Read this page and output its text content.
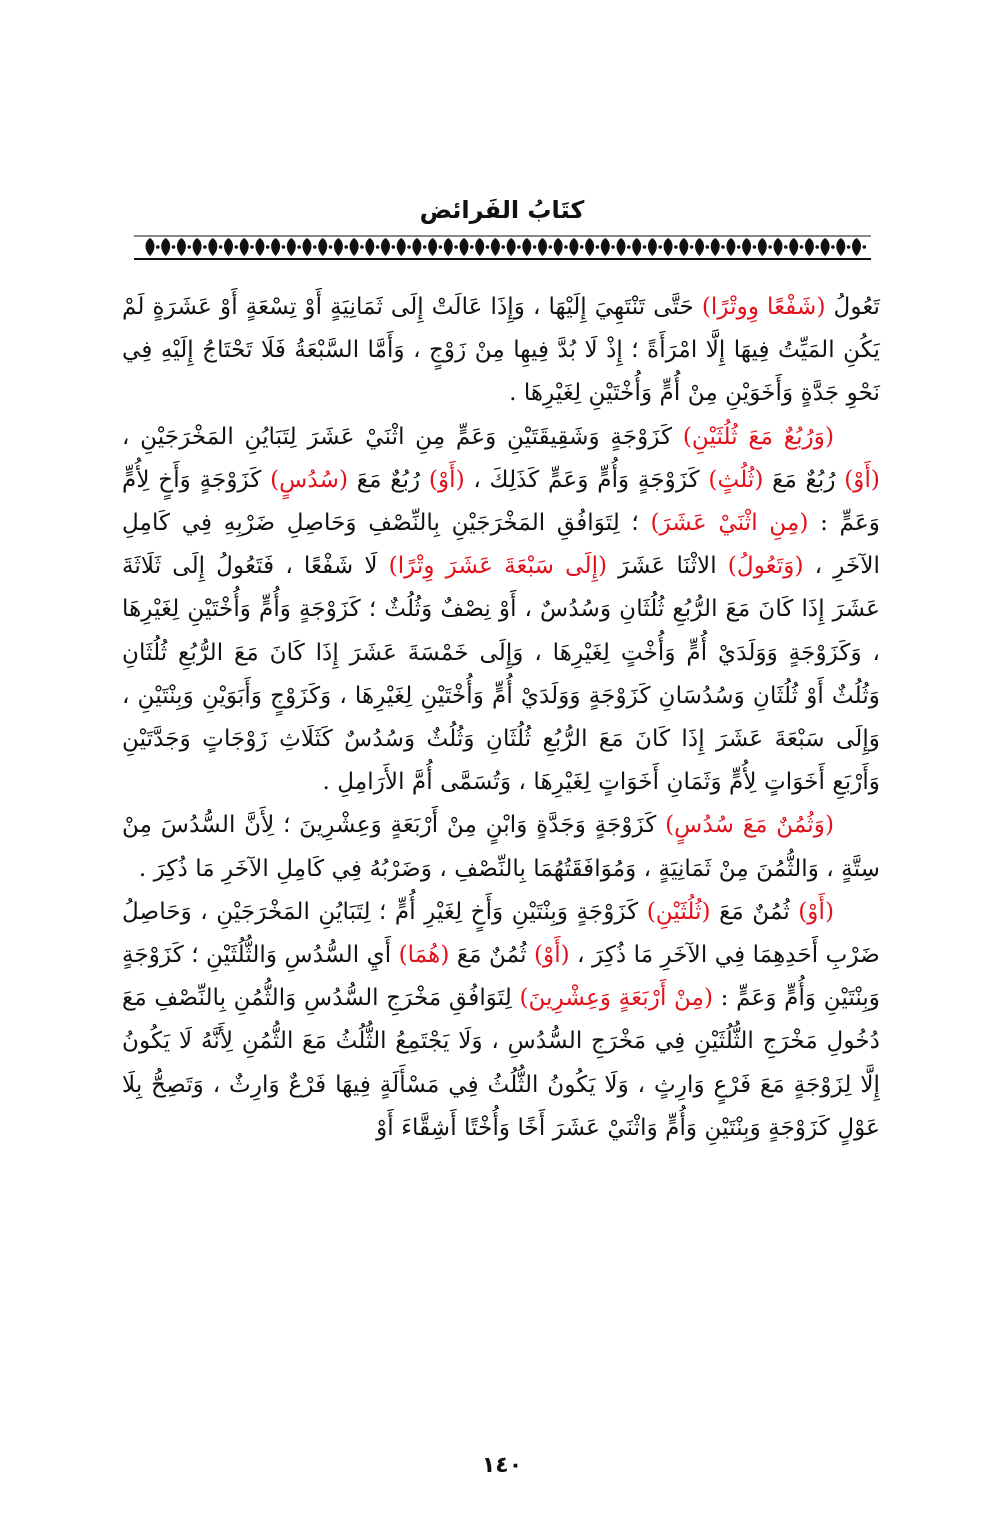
كتَابُ الفَرائض

تَعُولُ (شَفْعًا وِوتْرًا) حَتَّى تَنْتَهِيَ إِلَيْهَا ، وَإِذَا عَالَتْ إِلَى ثَمَانِيَةٍ أَوْ تِسْعَةٍ أَوْ عَشَرَةٍ لَمْ يَكُنِ المَيِّتُ فِيهَا إِلَّا امْرَأَةً ؛ إِذْ لَا بُدَّ فِيهِا مِنْ زَوْجٍ ، وَأَمَّا السَّبْعَةُ فَلَا تَحْتَاجُ إِلَيْهِ فِي نَحْوِ جَدَّةٍ وَأَخَوَيْنِ مِنْ أُمٍّ وَأُخْتَيْنِ لِغَيْرِهَا .

(وَرُبُعٌ مَعَ ثُلُثَيْنِ) كَزَوْجَةٍ وَشَقِيقَتَيْنِ وَعَمٍّ مِنِ اثْنَيْ عَشَرَ لِتَبَايُنِ المَخْرَجَيْنِ ، (أَوْ) رُبُعٌ مَعَ (ثُلُثٍ) كَزَوْجَةٍ وَأُمٍّ وَعَمٍّ كَذَلِكَ ، (أَوْ) رُبُعٌ مَعَ (سُدُسٍ) كَزَوْجَةٍ وَأَخٍ لِأُمٍّ وَعَمٍّ : (مِنِ اثْنَيْ عَشَرَ) ؛ لِتَوَافُقِ المَخْرَجَيْنِ بِالنِّصْفِ وَحَاصِلِ ضَرْبِهِ فِي كَامِلِ الآخَرِ ، (وَتَعُولُ) الاثْنَا عَشَرَ (إِلَى سَبْعَةَ عَشَرَ وِتْرًا) لَا شَفْعًا ، فَتَعُولُ إِلَى ثَلَاثَةَ عَشَرَ إِذَا كَانَ مَعَ الرُّبُعِ ثُلُثَانِ وَسُدُسٌ ، أَوْ نِصْفٌ وَثُلُثٌ ؛ كَزَوْجَةٍ وَأُمٍّ وَأُخْتَيْنِ لِغَيْرِهَا ، وَكَزَوْجَةٍ وَوَلَدَيْ أُمٍّ وَأُخْتٍ لِغَيْرِهَا ، وَإِلَى خَمْسَةَ عَشَرَ إِذَا كَانَ مَعَ الرُّبُعِ ثُلُثَانِ وَثُلُثٌ أَوْ ثُلُثَانِ وَسُدُسَانِ كَزَوْجَةٍ وَوَلَدَيْ أُمٍّ وَأُخْتَيْنِ لِغَيْرِهَا ، وَكَزَوْجٍ وَأَبَوَيْنِ وَبِنْتَيْنِ ، وَإِلَى سَبْعَةَ عَشَرَ إِذَا كَانَ مَعَ الرُّبُعِ ثُلُثَانِ وَثُلُثٌ وَسُدُسٌ كَثَلَاثِ زَوْجَاتٍ وَجَدَّتَيْنِ وَأَرْبَعِ أَخَوَاتٍ لِأُمٍّ وَثَمَانِ أَخَوَاتٍ لِغَيْرِهَا ، وَتُسَمَّى أُمَّ الأَرَامِلِ .

(وَثُمُنٌ مَعَ سُدُسٍ) كَزَوْجَةٍ وَجَدَّةٍ وَابْنٍ مِنْ أَرْبَعَةٍ وَعِشْرِينَ ؛ لِأَنَّ السُّدُسَ مِنْ سِتَّةٍ ، وَالثُّمُنَ مِنْ ثَمَانِيَةٍ ، وَمُوَافَقَتُهُمَا بِالنِّصْفِ ، وَضَرْبُهُ فِي كَامِلِ الآخَرِ مَا ذُكِرَ .

(أَوْ) ثُمُنٌ مَعَ (ثُلُثَيْنِ) كَزَوْجَةٍ وَبِنْتَيْنِ وَأَخٍ لِغَيْرِ أُمٍّ ؛ لِتَبَايُنِ المَخْرَجَيْنِ ، وَحَاصِلُ ضَرْبِ أَحَدِهِمَا فِي الآخَرِ مَا ذُكِرَ ، (أَوْ) ثُمُنٌ مَعَ (هُمَا) أَيِ السُّدُسِ وَالثُّلُثَيْنِ ؛ كَزَوْجَةٍ وَبِنْتَيْنِ وَأُمٍّ وَعَمٍّ : (مِنْ أَرْبَعَةٍ وَعِشْرِينَ) لِتَوَافُقِ مَخْرَجِ السُّدُسِ وَالثُّمُنِ بِالنِّصْفِ مَعَ دُخُولِ مَخْرَجِ الثُّلُثَيْنِ فِي مَخْرَجِ السُّدُسِ ، وَلَا يَجْتَمِعُ الثُّلُثُ مَعَ الثُّمُنِ لِأَنَّهُ لَا يَكُونُ إِلَّا لِزَوْجَةٍ مَعَ فَرْعٍ وَارِثٍ ، وَلَا يَكُونُ الثُّلُثُ فِي مَسْأَلَةٍ فِيهَا فَرْعٌ وَارِثٌ ، وَتَصِحُّ بِلَا عَوْلٍ كَزَوْجَةٍ وَبِنْتَيْنِ وَأُمٍّ وَاثْنَيْ عَشَرَ أَخًا وَأُخْتًا أَشِقَّاءَ أَوْ

١٤٠
